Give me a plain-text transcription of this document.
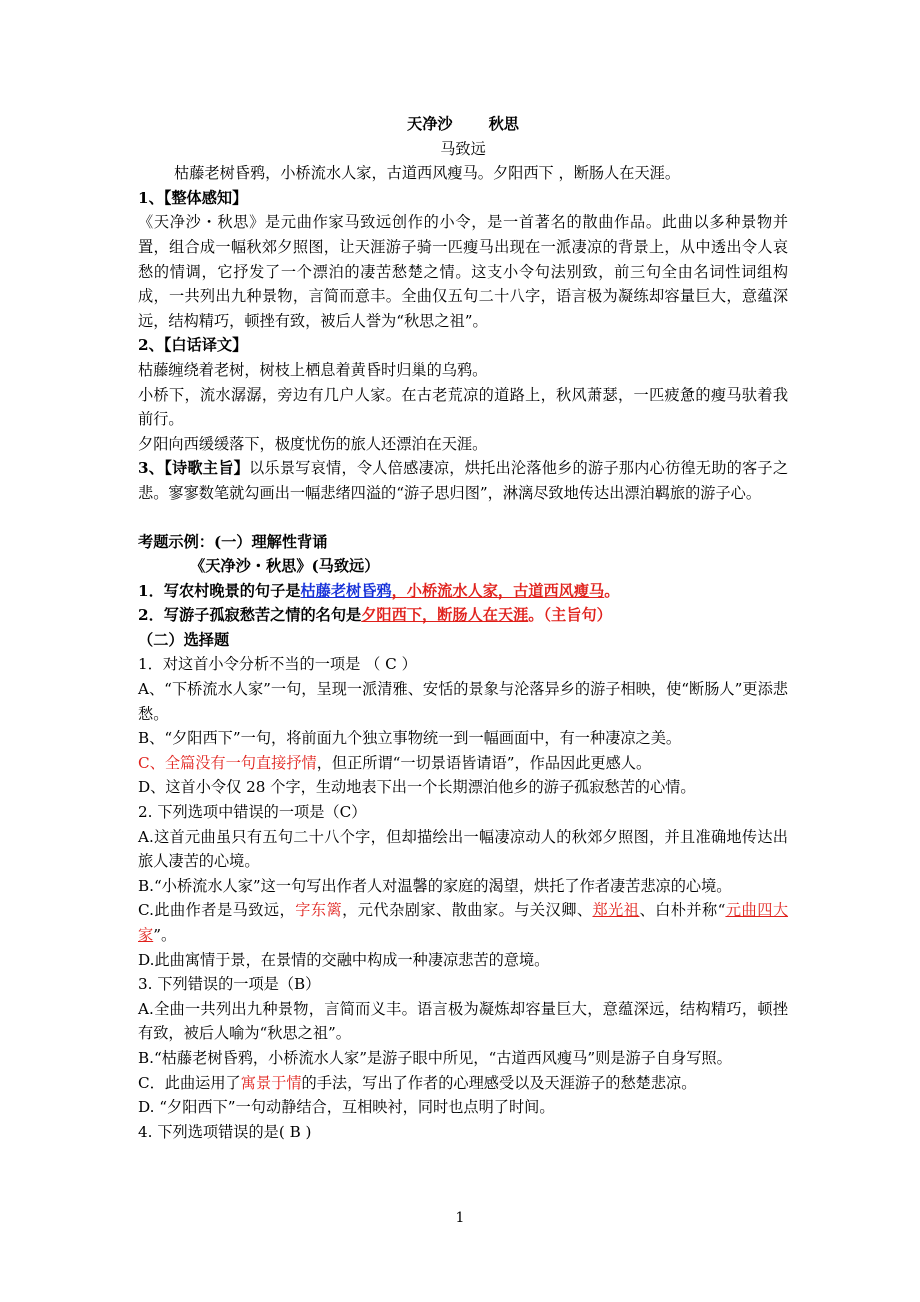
天净沙 秋思

马致远

枯藤老树昏鸦，小桥流水人家，古道西风瘦马。夕阳西下 ，断肠人在天涯。

1、【整体感知】

《天净沙・秋思》是元曲作家马致远创作的小令，是一首著名的散曲作品。此曲以多种景物并置，组合成一幅秋郊夕照图，让天涯游子骑一匹瘦马出现在一派凄凉的背景上，从中透出令人哀愁的情调，它抒发了一个漂泊的凄苦愁楚之情。这支小令句法别致，前三句全由名词性词组构成，一共列出九种景物，言简而意丰。全曲仅五句二十八字，语言极为凝练却容量巨大，意蕴深远，结构精巧，顿挫有致，被后人誉为“秋思之祖”。

2、【白话译文】

枯藤缠绕着老树，树枝上栖息着黄昏时归巢的乌鸦。

小桥下，流水潺潺，旁边有几户人家。在古老荒凉的道路上，秋风萧瑟，一匹疲惫的瘦马驮着我前行。

夕阳向西缓缓落下，极度忧伤的旅人还漂泊在天涯。

3、【诗歌主旨】以乐景写哀情，令人倍感凄凉，烘托出沦落他乡的游子那内心彷徨无助的客子之悲。寥寥数笔就勾画出一幅悲绪四溢的“游子思归图”，淋漓尽致地传达出漂泊羁旅的游子心。

考题示例：(一）理解性背诵

《天净沙・秋思》(马致远）

1．写农村晚景的句子是枯藤老树昏鸦，小桥流水人家，古道西风瘦马。

2．写游子孤寂愁苦之情的名句是夕阳西下，断肠人在天涯。（主旨句）

（二）选择题

1．对这首小令分析不当的一项是 （ C ）

A、“下桥流水人家”一句，呈现一派清雅、安恬的景象与沦落异乡的游子相映，使“断肠人”更添悲愁。

B、“夕阳西下”一句，将前面九个独立事物统一到一幅画面中，有一种凄凉之美。

C、全篇没有一句直接抒情，但正所谓“一切景语皆请语”，作品因此更感人。

D、这首小令仅 28 个字，生动地表下出一个长期漂泊他乡的游子孤寂愁苦的心情。

2. 下列选项中错误的一项是（C）

A.这首元曲虽只有五句二十八个字，但却描绘出一幅凄凉动人的秋郊夕照图，并且准确地传达出旅人凄苦的心境。

B.“小桥流水人家”这一句写出作者人对温馨的家庭的渴望，烘托了作者凄苦悲凉的心境。

C.此曲作者是马致远，字东篱，元代杂剧家、散曲家。与关汉卿、郑光祖、白朴并称“元曲四大家”。

D.此曲寓情于景，在景情的交融中构成一种凄凉悲苦的意境。

3. 下列错误的一项是（B）

A.全曲一共列出九种景物，言简而义丰。语言极为凝炼却容量巨大，意蕴深远，结构精巧，顿挫有致，被后人喻为“秋思之祖”。

B.“枯藤老树昏鸦，小桥流水人家”是游子眼中所见，“古道西风瘦马”则是游子自身写照。

C．此曲运用了寓景于情的手法，写出了作者的心理感受以及天涯游子的愁楚悲凉。

D. “夕阳西下”一句动静结合，互相映衬，同时也点明了时间。

4. 下列选项错误的是( B )

1
